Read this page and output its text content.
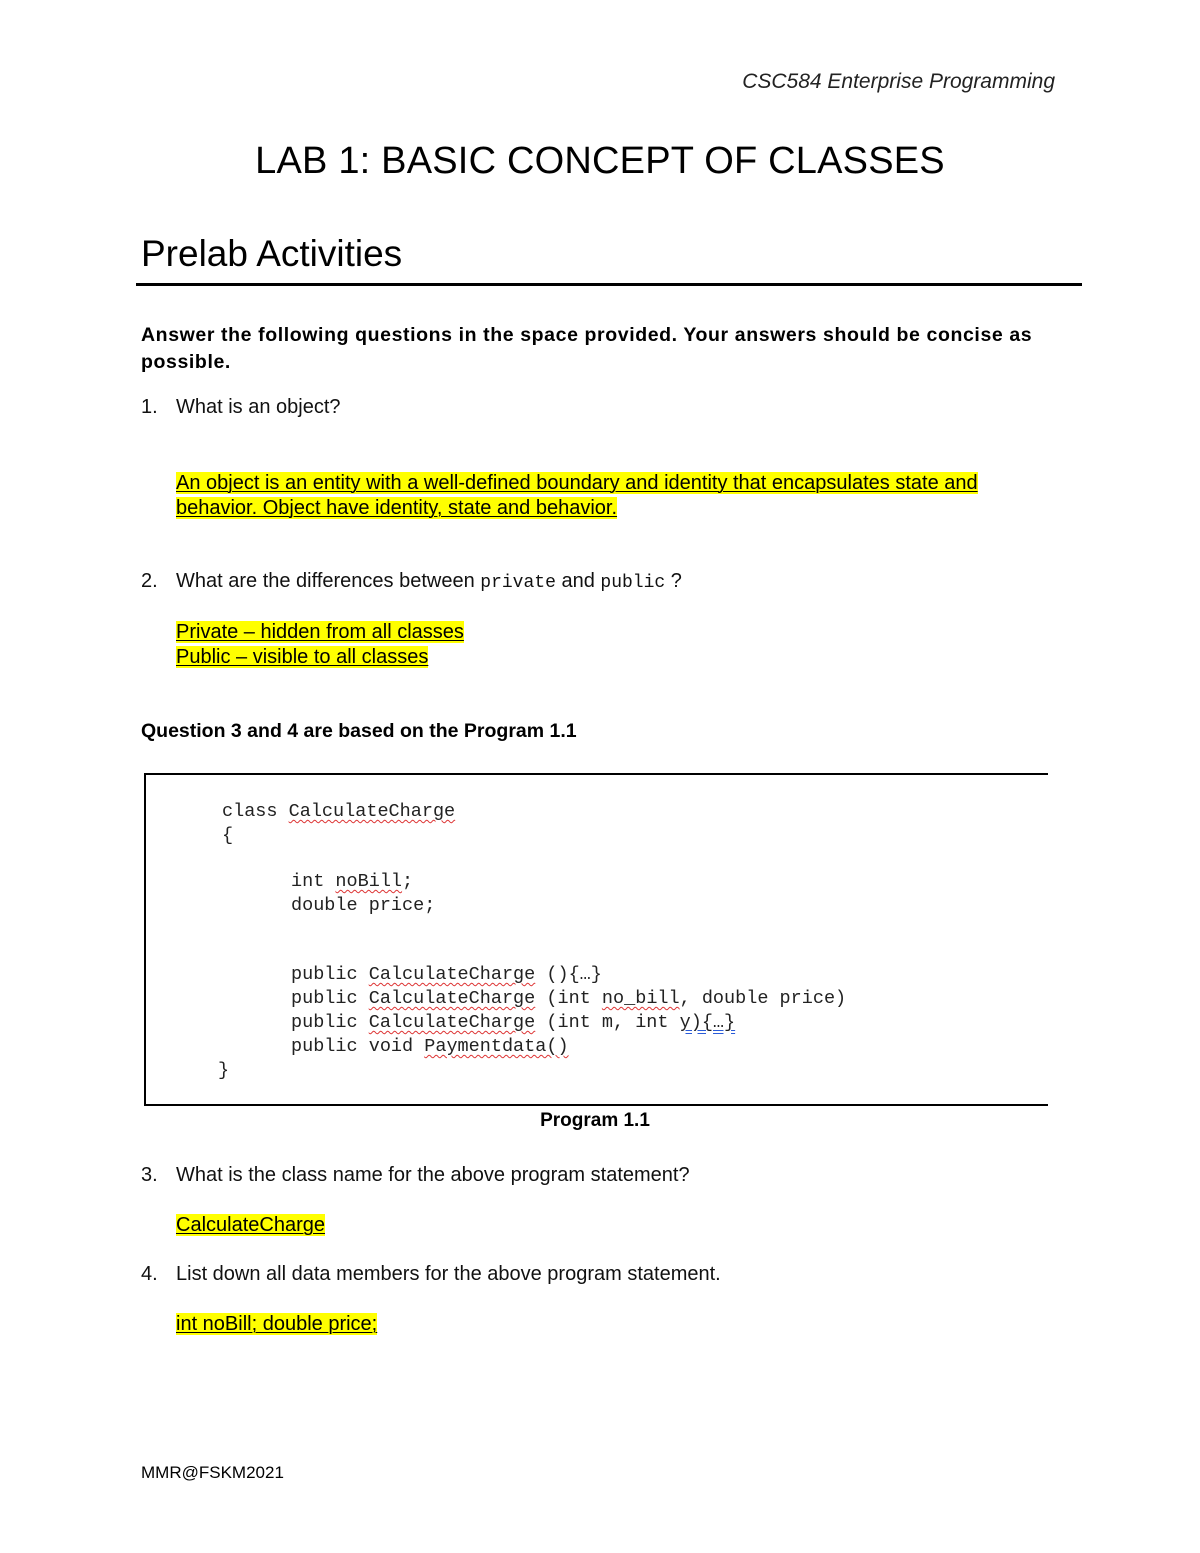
CSC584 Enterprise Programming
LAB 1: BASIC CONCEPT OF CLASSES
Prelab Activities
Answer the following questions in the space provided. Your answers should be concise as possible.
1. What is an object?
An object is an entity with a well-defined boundary and identity that encapsulates state and
behavior. Object have identity, state and behavior.
2. What are the differences between private and public ?
Private – hidden from all classes
Public – visible to all classes
Question 3 and 4 are based on the Program 1.1
class CalculateCharge
{
int noBill;
double price;
public CalculateCharge (){…}
public CalculateCharge (int no_bill, double price)
public CalculateCharge (int m, int y){…}
public void Paymentdata()
}
Program 1.1
3. What is the class name for the above program statement?
CalculateCharge
4. List down all data members for the above program statement.
int noBill; double price;
MMR@FSKM2021
